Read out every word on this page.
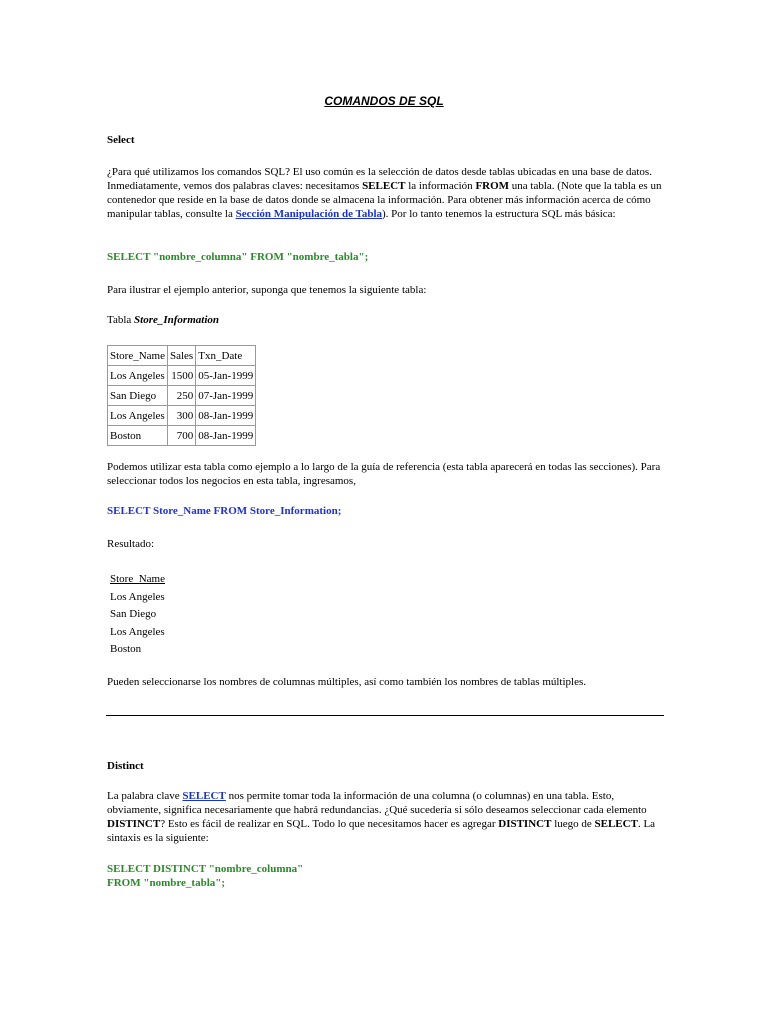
COMANDOS DE SQL
Select
¿Para qué utilizamos los comandos SQL? El uso común es la selección de datos desde tablas ubicadas en una base de datos. Inmediatamente, vemos dos palabras claves: necesitamos SELECT la información FROM una tabla. (Note que la tabla es un contenedor que reside en la base de datos donde se almacena la información. Para obtener más información acerca de cómo manipular tablas, consulte la Sección Manipulación de Tabla). Por lo tanto tenemos la estructura SQL más básica:
SELECT "nombre_columna" FROM "nombre_tabla";
Para ilustrar el ejemplo anterior, suponga que tenemos la siguiente tabla:
Tabla Store_Information
Store_Name	Sales	Txn_Date
Los Angeles	1500	05-Jan-1999
San Diego	250	07-Jan-1999
Los Angeles	300	08-Jan-1999
Boston	700	08-Jan-1999
Podemos utilizar esta tabla como ejemplo a lo largo de la guía de referencia (esta tabla aparecerá en todas las secciones). Para seleccionar todos los negocios en esta tabla, ingresamos,
SELECT Store_Name FROM Store_Information;
Resultado:
Store_Name
Los Angeles
San Diego
Los Angeles
Boston
Pueden seleccionarse los nombres de columnas múltiples, así como también los nombres de tablas múltiples.
Distinct
La palabra clave SELECT nos permite tomar toda la información de una columna (o columnas) en una tabla. Esto, obviamente, significa necesariamente que habrá redundancias. ¿Qué sucedería si sólo deseamos seleccionar cada elemento DISTINCT? Esto es fácil de realizar en SQL. Todo lo que necesitamos hacer es agregar DISTINCT luego de SELECT. La sintaxis es la siguiente:
SELECT DISTINCT "nombre_columna"
FROM "nombre_tabla";
